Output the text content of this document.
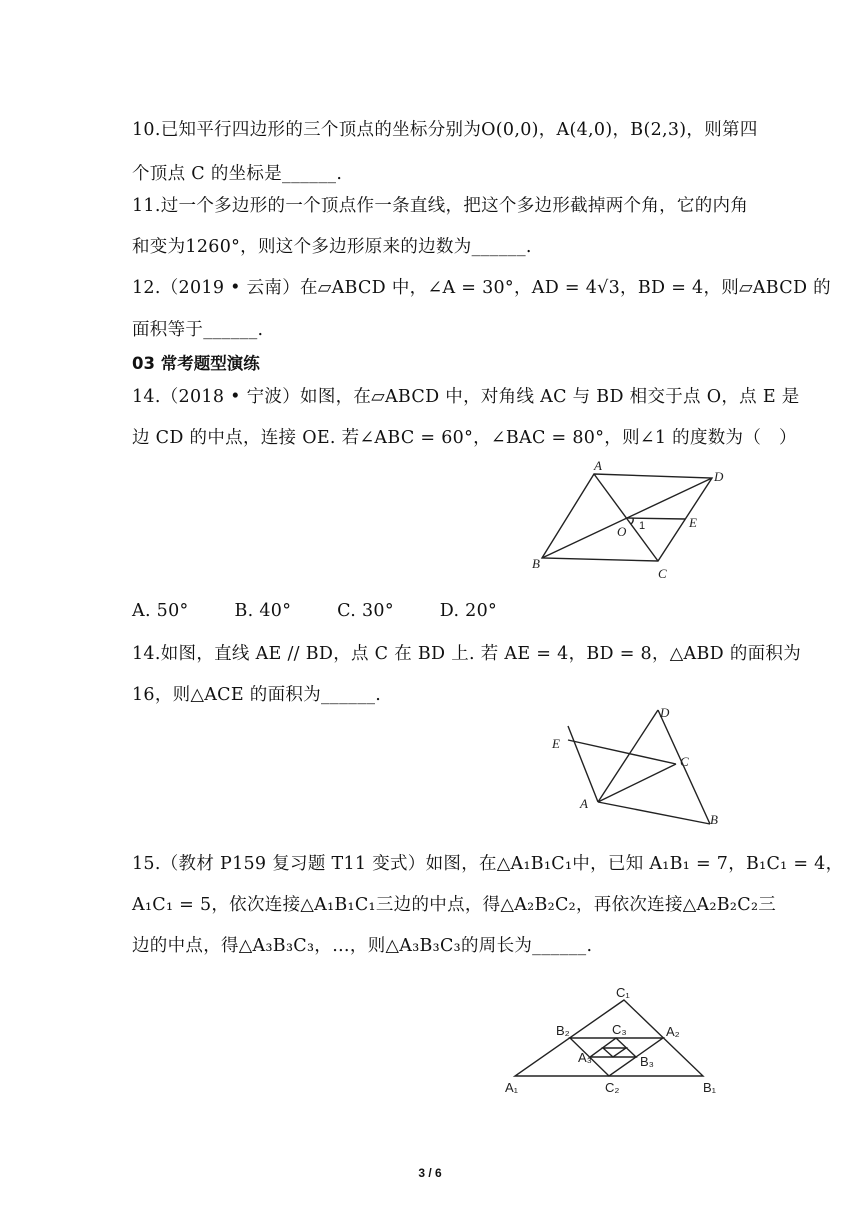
10.已知平行四边形的三个顶点的坐标分别为O(0,0)，A(4,0)，B(2,3)，则第四
个顶点 C 的坐标是______.
11.过一个多边形的一个顶点作一条直线，把这个多边形截掉两个角，它的内角
和变为1260°，则这个多边形原来的边数为______.
12.（2019 • 云南）在▱ABCD 中，∠A = 30°，AD = 4√3，BD = 4，则▱ABCD 的
面积等于______.
03 常考题型演练
14.（2018 • 宁波）如图，在▱ABCD 中，对角线 AC 与 BD 相交于点 O，点 E 是
边 CD 的中点，连接 OE. 若∠ABC = 60°，∠BAC = 80°，则∠1 的度数为（　）
A
D
E
O 1
B
C
A. 50°	B. 40°	C. 30°	D. 20°
14.如图，直线 AE // BD，点 C 在 BD 上. 若 AE = 4，BD = 8，△ABD 的面积为
16，则△ACE 的面积为______.
D
E
C
A
B
15.（教材 P159 复习题 T11 变式）如图，在△A₁B₁C₁中，已知 A₁B₁ = 7，B₁C₁ = 4，
A₁C₁ = 5，依次连接△A₁B₁C₁三边的中点，得△A₂B₂C₂，再依次连接△A₂B₂C₂三
边的中点，得△A₃B₃C₃，…，则△A₃B₃C₃的周长为______.
C₁
B₂	C₃	A₂
A₃	B₃
A₁	C₂	B₁
3 / 6
